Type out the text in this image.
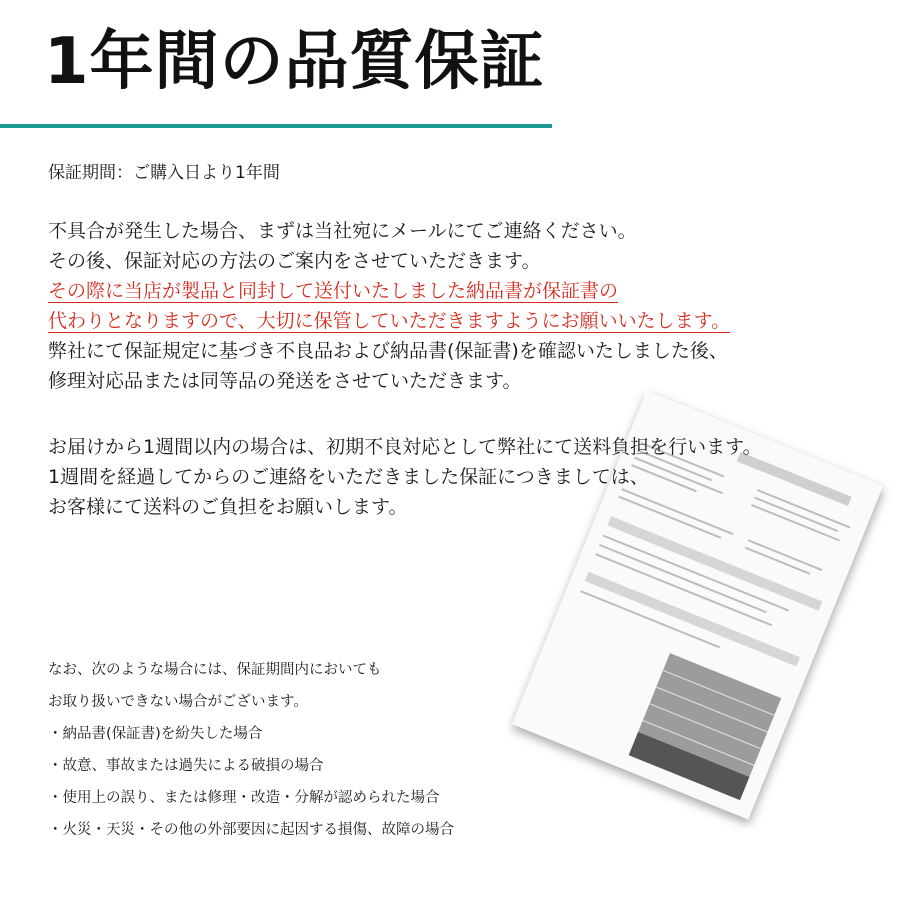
1年間の品質保証

保証期間：ご購入日より1年間

不具合が発生した場合、まずは当社宛にメールにてご連絡ください。
その後、保証対応の方法のご案内をさせていただきます。
その際に当店が製品と同封して送付いたしました納品書が保証書の
代わりとなりますので、大切に保管していただきますようにお願いいたします。
弊社にて保証規定に基づき不良品および納品書(保証書)を確認いたしました後、
修理対応品または同等品の発送をさせていただきます。
お届けから1週間以内の場合は、初期不良対応として弊社にて送料負担を行います。
1週間を経過してからのご連絡をいただきました保証につきましては、
お客様にて送料のご負担をお願いします。
なお、次のような場合には、保証期間内においても
お取り扱いできない場合がございます。
・納品書(保証書)を紛失した場合
・故意、事故または過失による破損の場合
・使用上の誤り、または修理・改造・分解が認められた場合
・火災・天災・その他の外部要因に起因する損傷、故障の場合
